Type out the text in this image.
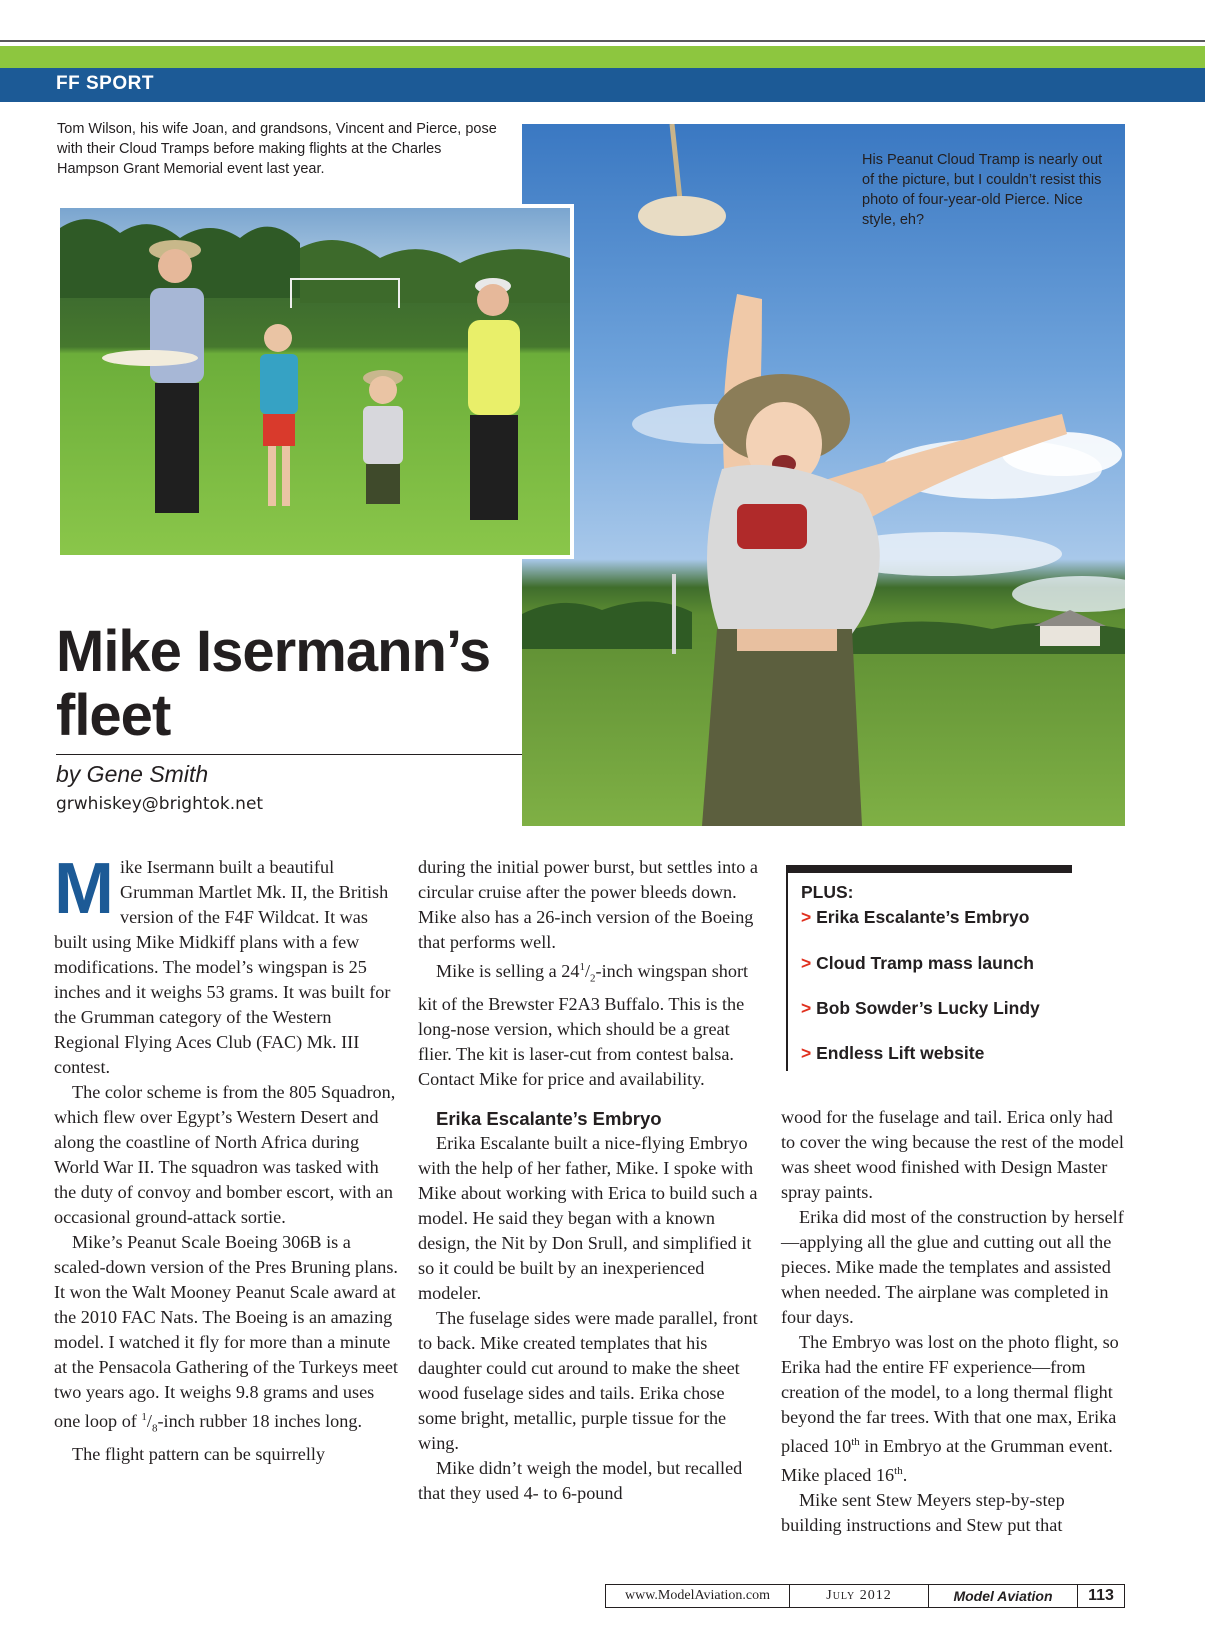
FF SPORT
Tom Wilson, his wife Joan, and grandsons, Vincent and Pierce, pose with their Cloud Tramps before making flights at the Charles Hampson Grant Memorial event last year.
His Peanut Cloud Tramp is nearly out of the picture, but I couldn’t resist this photo of four-year-old Pierce. Nice style, eh?
Mike Isermann’s
fleet
by Gene Smith
grwhiskey@brightok.net

Mike Isermann built a beautiful Grumman Martlet Mk. II, the British version of the F4F Wildcat. It was built using Mike Midkiff plans with a few modifications. The model’s wingspan is 25 inches and it weighs 53 grams. It was built for the Grumman category of the Western Regional Flying Aces Club (FAC) Mk. III contest.

The color scheme is from the 805 Squadron, which flew over Egypt’s Western Desert and along the coastline of North Africa during World War II. The squadron was tasked with the duty of convoy and bomber escort, with an occasional ground-attack sortie.

Mike’s Peanut Scale Boeing 306B is a scaled-down version of the Pres Bruning plans. It won the Walt Mooney Peanut Scale award at the 2010 FAC Nats. The Boeing is an amazing model. I watched it fly for more than a minute at the Pensacola Gathering of the Turkeys meet two years ago. It weighs 9.8 grams and uses one loop of $^1/_8$-inch rubber 18 inches long.

The flight pattern can be squirrelly

during the initial power burst, but settles into a circular cruise after the power bleeds down. Mike also has a 26-inch version of the Boeing that performs well.

Mike is selling a $24^1/_2$-inch wingspan short kit of the Brewster F2A3 Buffalo. This is the long-nose version, which should be a great flier. The kit is laser-cut from contest balsa. Contact Mike for price and availability.

Erika Escalante’s Embryo

Erika Escalante built a nice-flying Embryo with the help of her father, Mike. I spoke with Mike about working with Erica to build such a model. He said they began with a known design, the Nit by Don Srull, and simplified it so it could be built by an inexperienced modeler.

The fuselage sides were made parallel, front to back. Mike created templates that his daughter could cut around to make the sheet wood fuselage sides and tails. Erika chose some bright, metallic, purple tissue for the wing.

Mike didn’t weigh the model, but recalled that they used 4- to 6-pound

wood for the fuselage and tail. Erica only had to cover the wing because the rest of the model was sheet wood finished with Design Master spray paints.

Erika did most of the construction by herself—applying all the glue and cutting out all the pieces. Mike made the templates and assisted when needed. The airplane was completed in four days.

The Embryo was lost on the photo flight, so Erika had the entire FF experience—from creation of the model, to a long thermal flight beyond the far trees. With that one max, Erika placed 10th in Embryo at the Grumman event. Mike placed 16th.

Mike sent Stew Meyers step-by-step building instructions and Stew put that

PLUS:
> Erika Escalante’s Embryo
> Cloud Tramp mass launch
> Bob Sowder’s Lucky Lindy
> Endless Lift website
www.ModelAviation.com	July 2012	Model Aviation	113
